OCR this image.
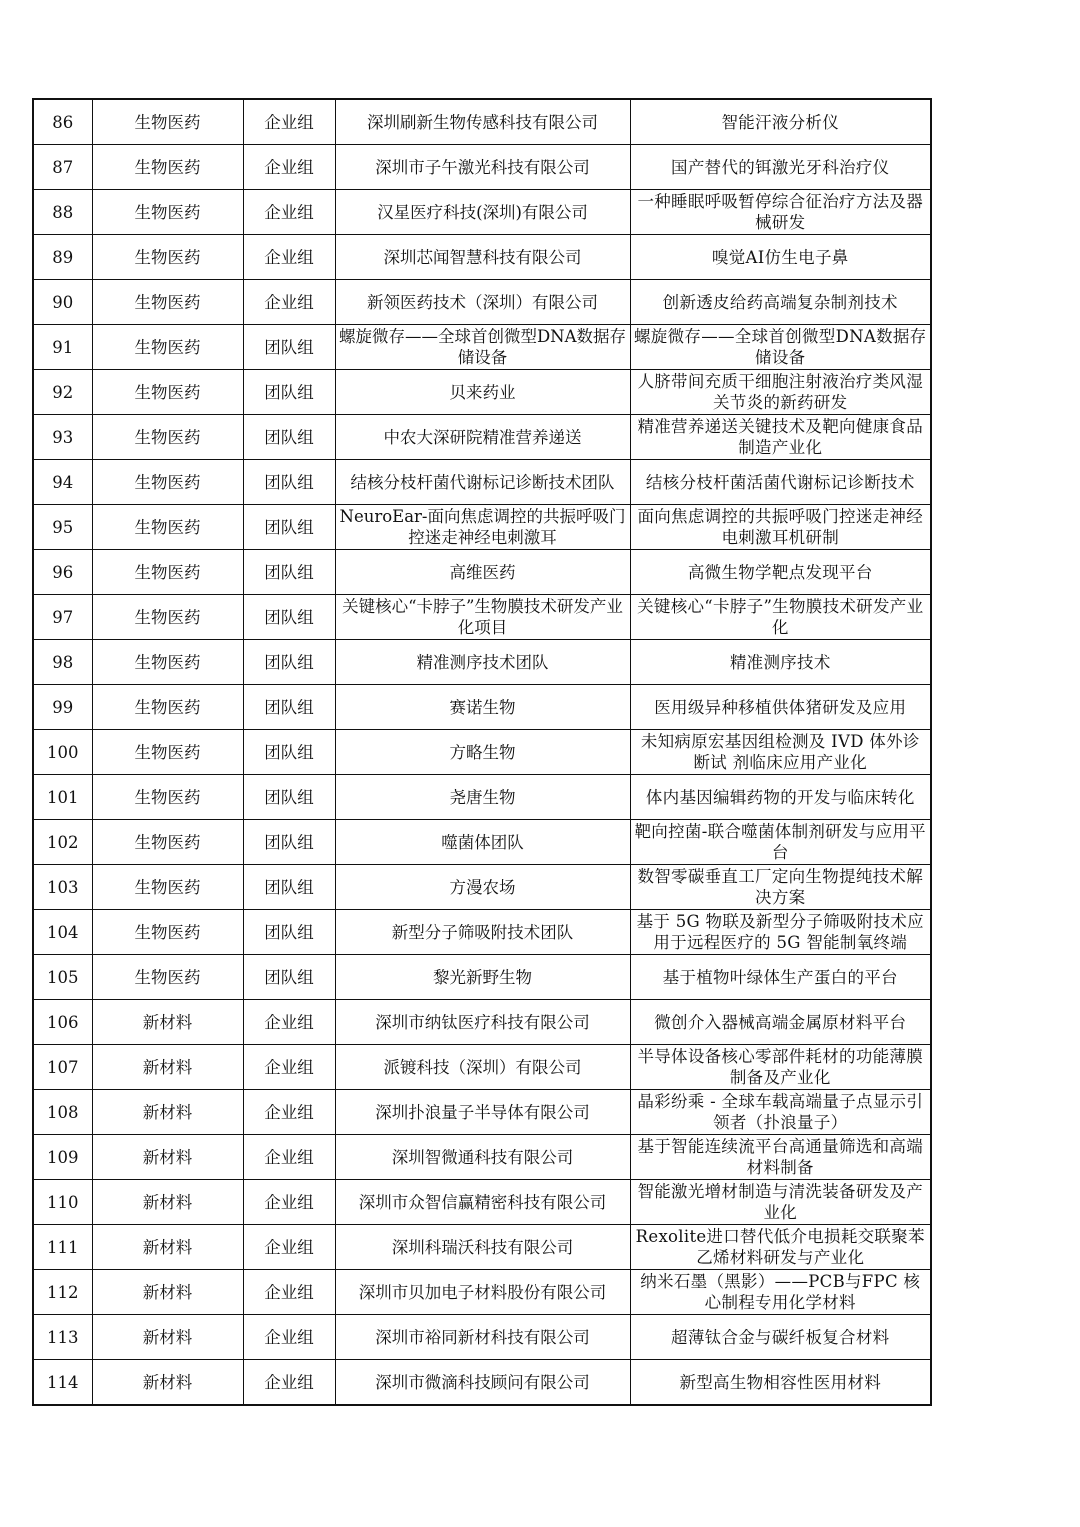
86	生物医药	企业组	深圳刷新生物传感科技有限公司	智能汗液分析仪
87	生物医药	企业组	深圳市子午激光科技有限公司	国产替代的铒激光牙科治疗仪
88	生物医药	企业组	汉星医疗科技(深圳)有限公司	一种睡眠呼吸暂停综合征治疗方法及器械研发
89	生物医药	企业组	深圳芯闻智慧科技有限公司	嗅觉AI仿生电子鼻
90	生物医药	企业组	新领医药技术（深圳）有限公司	创新透皮给药高端复杂制剂技术
91	生物医药	团队组	螺旋微存——全球首创微型DNA数据存储设备	螺旋微存——全球首创微型DNA数据存储设备
92	生物医药	团队组	贝来药业	人脐带间充质干细胞注射液治疗类风湿关节炎的新药研发
93	生物医药	团队组	中农大深研院精准营养递送	精准营养递送关键技术及靶向健康食品制造产业化
94	生物医药	团队组	结核分枝杆菌代谢标记诊断技术团队	结核分枝杆菌活菌代谢标记诊断技术
95	生物医药	团队组	NeuroEar-面向焦虑调控的共振呼吸门控迷走神经电刺激耳	面向焦虑调控的共振呼吸门控迷走神经电刺激耳机研制
96	生物医药	团队组	高维医药	高微生物学靶点发现平台
97	生物医药	团队组	关键核心“卡脖子”生物膜技术研发产业化项目	关键核心“卡脖子”生物膜技术研发产业化
98	生物医药	团队组	精准测序技术团队	精准测序技术
99	生物医药	团队组	赛诺生物	医用级异种移植供体猪研发及应用
100	生物医药	团队组	方略生物	未知病原宏基因组检测及 IVD 体外诊断试 剂临床应用产业化
101	生物医药	团队组	尧唐生物	体内基因编辑药物的开发与临床转化
102	生物医药	团队组	噬菌体团队	靶向控菌-联合噬菌体制剂研发与应用平台
103	生物医药	团队组	方漫农场	数智零碳垂直工厂定向生物提纯技术解决方案
104	生物医药	团队组	新型分子筛吸附技术团队	基于 5G 物联及新型分子筛吸附技术应用于远程医疗的 5G 智能制氧终端
105	生物医药	团队组	黎光新野生物	基于植物叶绿体生产蛋白的平台
106	新材料	企业组	深圳市纳钛医疗科技有限公司	微创介入器械高端金属原材料平台
107	新材料	企业组	派镀科技（深圳）有限公司	半导体设备核心零部件耗材的功能薄膜制备及产业化
108	新材料	企业组	深圳扑浪量子半导体有限公司	晶彩纷乘 - 全球车载高端量子点显示引领者（扑浪量子）
109	新材料	企业组	深圳智微通科技有限公司	基于智能连续流平台高通量筛选和高端材料制备
110	新材料	企业组	深圳市众智信赢精密科技有限公司	智能激光增材制造与清洗装备研发及产业化
111	新材料	企业组	深圳科瑞沃科技有限公司	Rexolite进口替代低介电损耗交联聚苯乙烯材料研发与产业化
112	新材料	企业组	深圳市贝加电子材料股份有限公司	纳米石墨（黑影）——PCB与FPC 核心制程专用化学材料
113	新材料	企业组	深圳市裕同新材科技有限公司	超薄钛合金与碳纤板复合材料
114	新材料	企业组	深圳市微滴科技顾问有限公司	新型高生物相容性医用材料
